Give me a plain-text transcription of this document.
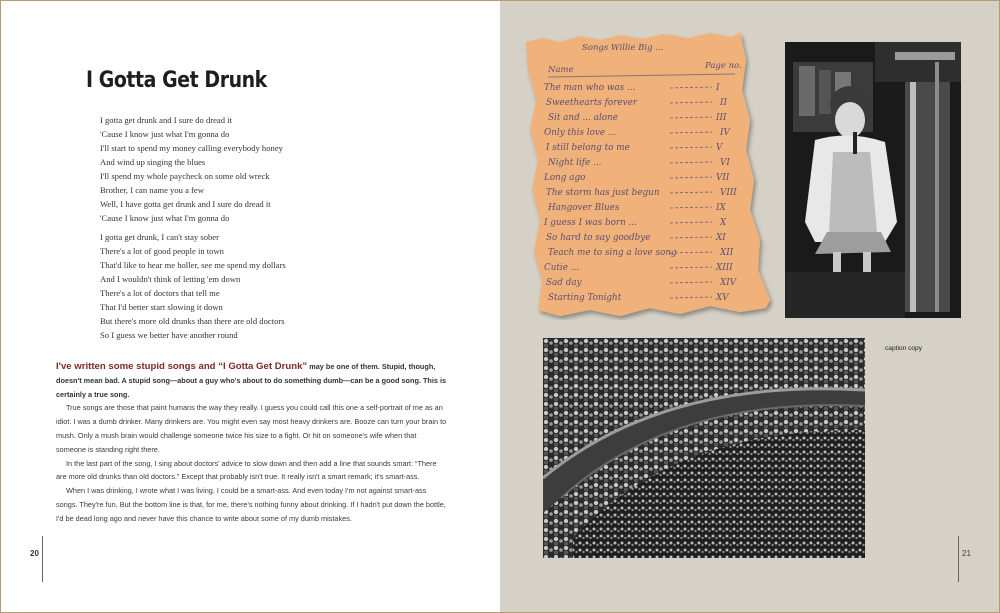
I Gotta Get Drunk
I gotta get drunk and I sure do dread it
'Cause I know just what I'm gonna do
I'll start to spend my money calling everybody honey
And wind up singing the blues
I'll spend my whole paycheck on some old wreck
Brother, I can name you a few
Well, I have gotta get drunk and I sure do dread it
'Cause I know just what I'm gonna do
I gotta get drunk, I can't stay sober
There's a lot of good people in town
That'd like to hear me holler, see me spend my dollars
And I wouldn't think of letting 'em down
There's a lot of doctors that tell me
That I'd better start slowing it down
But there's more old drunks than there are old doctors
So I guess we better have another round

I've written some stupid songs and “I Gotta Get Drunk” may be one of them. Stupid, though, doesn't mean bad. A stupid song—about a guy who's about to do something dumb—can be a good song. This is certainly a true song.

True songs are those that paint humans the way they really. I guess you could call this one a self-portrait of me as an idiot. I was a dumb drinker. Many drinkers are. You might even say most heavy drinkers are. Booze can turn your brain to mush. Only a mush brain would challenge someone twice his size to a fight. Or hit on someone's wife when that someone is standing right there.

In the last part of the song, I sing about doctors' advice to slow down and then add a line that sounds smart: “There are more old drunks than old doctors.” Except that probably isn't true. It really isn't a smart remark; it's smart-ass.

When I was drinking, I wrote what I was living. I could be a smart-ass. And even today I'm not against smart-ass songs. They're fun. But the bottom line is that, for me, there's nothing funny about drinking. If I hadn't put down the bottle, I'd be dead long ago and never have this chance to write about some of my dumb mistakes.

20
Songs Willie Big ...
Name	Page no.
The man who was ...	I
Sweethearts forever	II
Sit and ... alone	III
Only this love ...	IV
I still belong to me	V
Night life ...	VI
Long ago	VII
The storm has just begun	VIII
Hangover Blues	IX
I guess I was born ...	X
So hard to say goodbye	XI
Teach me to sing a love song	XII
Cutie ...	XIII
Sad day	XIV
Starting Tonight	XV
caption copy
21
